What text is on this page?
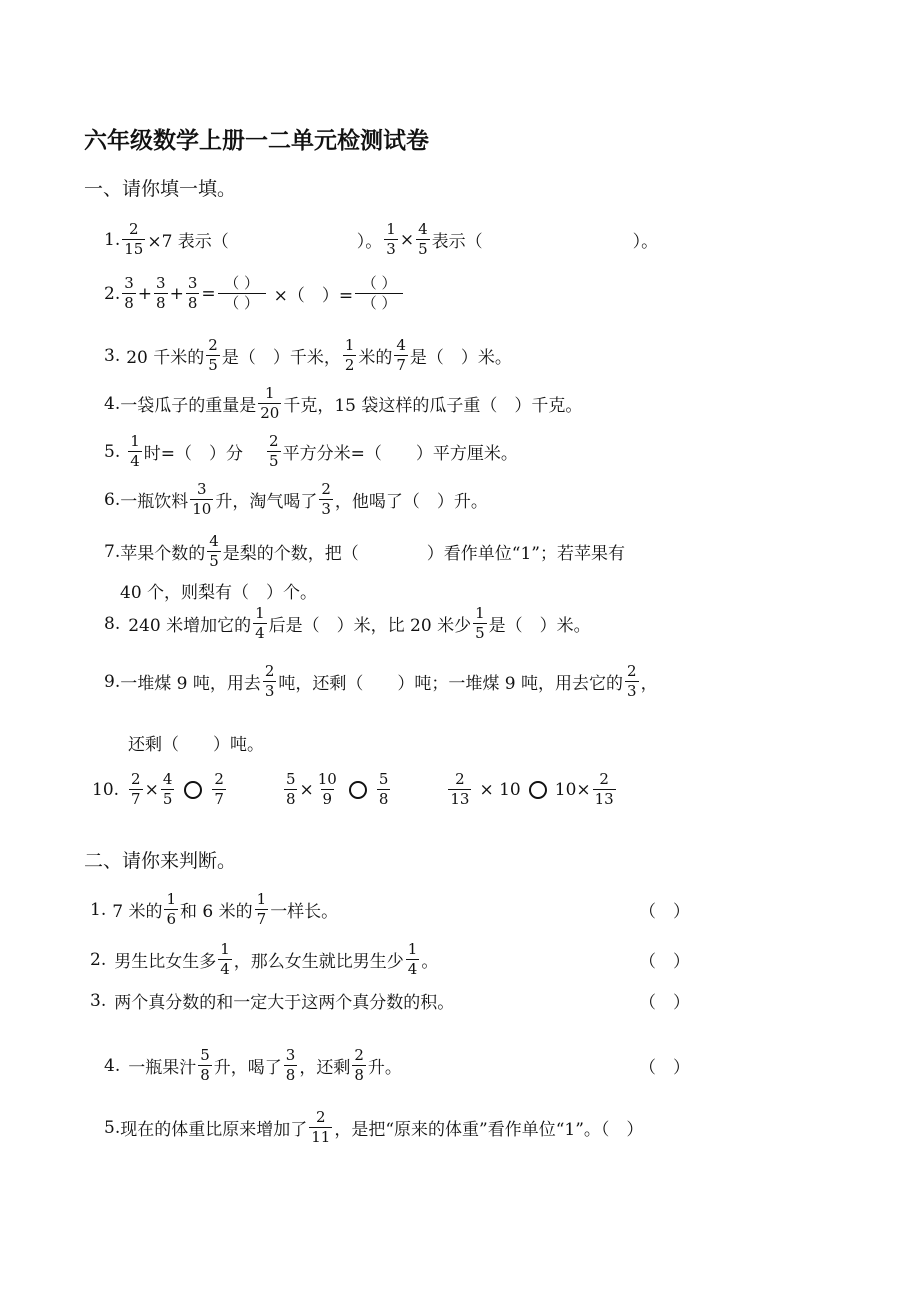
六年级数学上册一二单元检测试卷
一、请你填一填。
1. $\frac{2}{15} \times 7$ 表示（	）。 $\frac{1}{3} \times \frac{4}{5}$ 表示（	）。
2. $\frac{3}{8} + \frac{3}{8} + \frac{3}{8} = \frac{( )}{( )}$ ×（　）= $\frac{( )}{( )}$
3. 20 千米的 $\frac{2}{5}$ 是（　）千米， $\frac{1}{2}$ 米的 $\frac{4}{7}$ 是（　）米。
4. 一袋瓜子的重量是 $\frac{1}{20}$ 千克，15 袋这样的瓜子重（　）千克。
5. $\frac{1}{4}$ 时=（　）分 $\frac{2}{5}$ 平方分米=（　　）平方厘米。
6. 一瓶饮料 $\frac{3}{10}$ 升，淘气喝了 $\frac{2}{3}$ ，他喝了（　）升。
7. 苹果个数的 $\frac{4}{5}$ 是梨的个数，把（　　　　）看作单位“1”；若苹果有
40 个，则梨有（　）个。
8. 240 米增加它的 $\frac{1}{4}$ 后是（　）米，比 20 米少 $\frac{1}{5}$ 是（　）米。
9. 一堆煤 9 吨，用去 $\frac{2}{3}$ 吨，还剩（　　）吨；一堆煤 9 吨，用去它的 $\frac{2}{3}$ ，
还剩（　　）吨。
10. $\frac{2}{7} \times \frac{4}{5}$	$\frac{2}{7}$	$\frac{5}{8} \times \frac{10}{9}$	$\frac{5}{8}$	$\frac{2}{13} \times 10$ $10\times \frac{2}{13}$
二、请你来判断。
1. 7 米的 $\frac{1}{6}$ 和 6 米的 $\frac{1}{7}$ 一样长。	（　）
2. 男生比女生多 $\frac{1}{4}$ ，那么女生就比男生少 $\frac{1}{4}$ 。	（　）
3. 两个真分数的和一定大于这两个真分数的积。	（　）
4. 一瓶果汁 $\frac{5}{8}$ 升，喝了 $\frac{3}{8}$ ，还剩 $\frac{2}{8}$ 升。	（　）
5. 现在的体重比原来增加了 $\frac{2}{11}$ ，是把“原来的体重”看作单位“1”。（　）
